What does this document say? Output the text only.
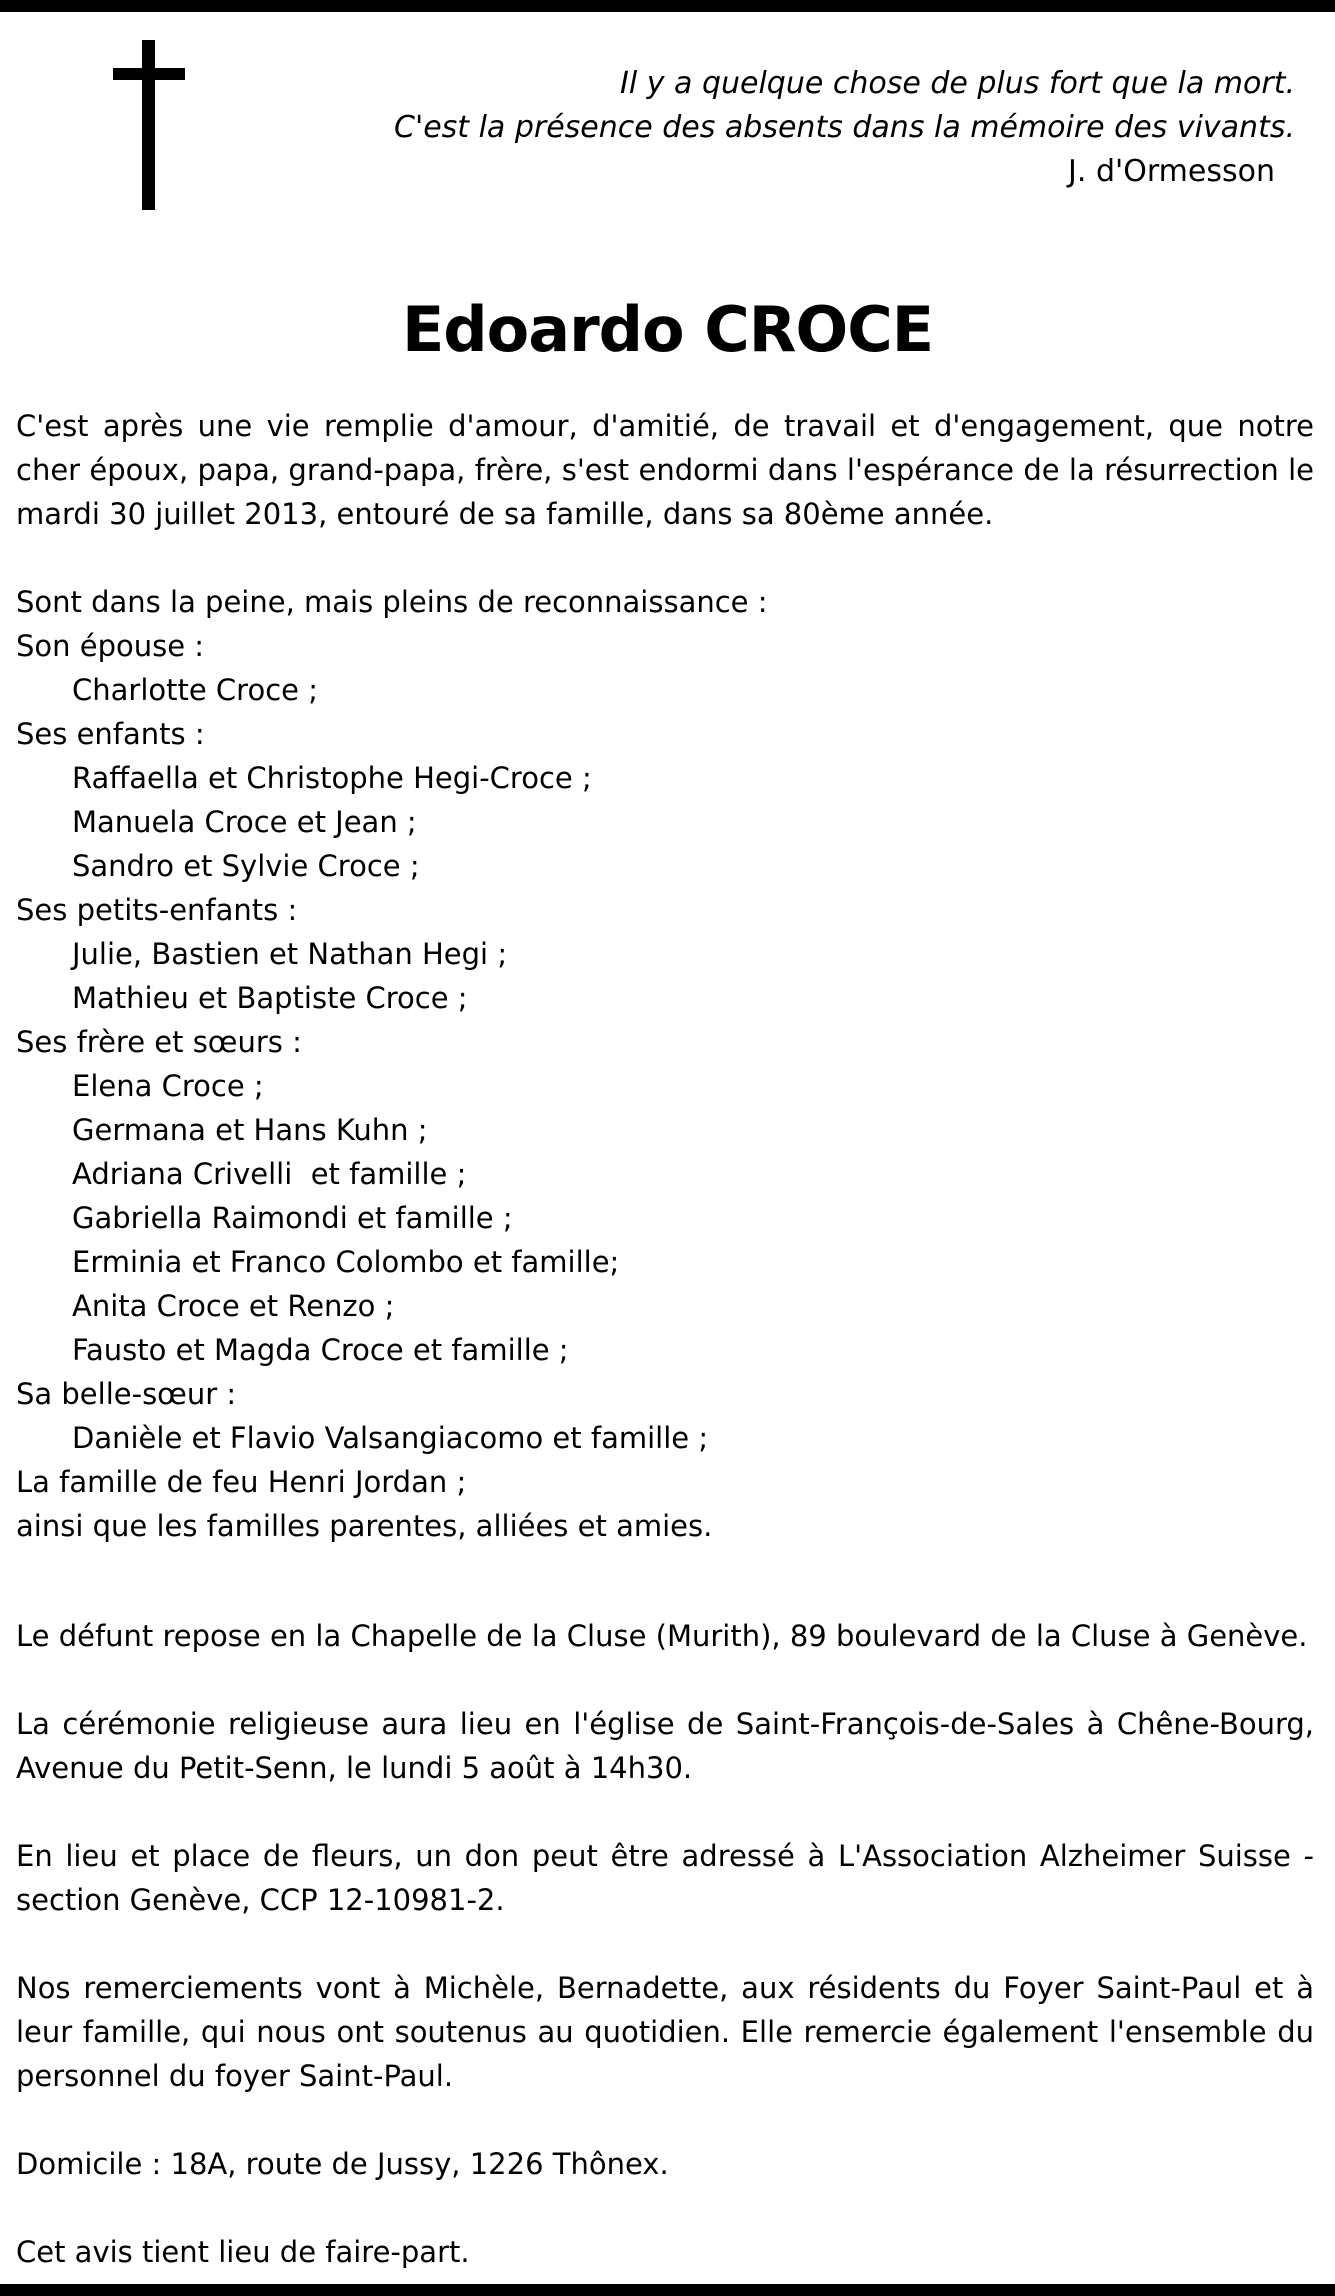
Il y a quelque chose de plus fort que la mort.
C'est la présence des absents dans la mémoire des vivants.
J. d'Ormesson
Edoardo CROCE

C'est après une vie remplie d'amour, d'amitié, de travail et d'engagement, que notre cher époux, papa, grand-papa, frère, s'est endormi dans l'espérance de la résurrection le mardi 30 juillet 2013, entouré de sa famille, dans sa 80ème année.

Sont dans la peine, mais pleins de reconnaissance :

Son épouse :

Charlotte Croce ;

Ses enfants :

Raffaella et Christophe Hegi-Croce ;

Manuela Croce et Jean ;

Sandro et Sylvie Croce ;

Ses petits-enfants :

Julie, Bastien et Nathan Hegi ;

Mathieu et Baptiste Croce ;

Ses frère et sœurs :

Elena Croce ;

Germana et Hans Kuhn ;

Adriana Crivelli  et famille ;

Gabriella Raimondi et famille ;

Erminia et Franco Colombo et famille;

Anita Croce et Renzo ;

Fausto et Magda Croce et famille ;

Sa belle-sœur :

Danièle et Flavio Valsangiacomo et famille ;

La famille de feu Henri Jordan ;

ainsi que les familles parentes, alliées et amies.

Le défunt repose en la Chapelle de la Cluse (Murith), 89 boulevard de la Cluse à Genève.

La cérémonie religieuse aura lieu en l'église de Saint-François-de-Sales à Chêne-Bourg, Avenue du Petit-Senn, le lundi 5 août à 14h30.

En lieu et place de fleurs, un don peut être adressé à L'Association Alzheimer Suisse - section Genève, CCP 12-10981-2.

Nos remerciements vont à Michèle, Bernadette, aux résidents du Foyer Saint-Paul et à leur famille, qui nous ont soutenus au quotidien. Elle remercie également l'ensemble du personnel du foyer Saint-Paul.

Domicile : 18A, route de Jussy, 1226 Thônex.

Cet avis tient lieu de faire-part.
